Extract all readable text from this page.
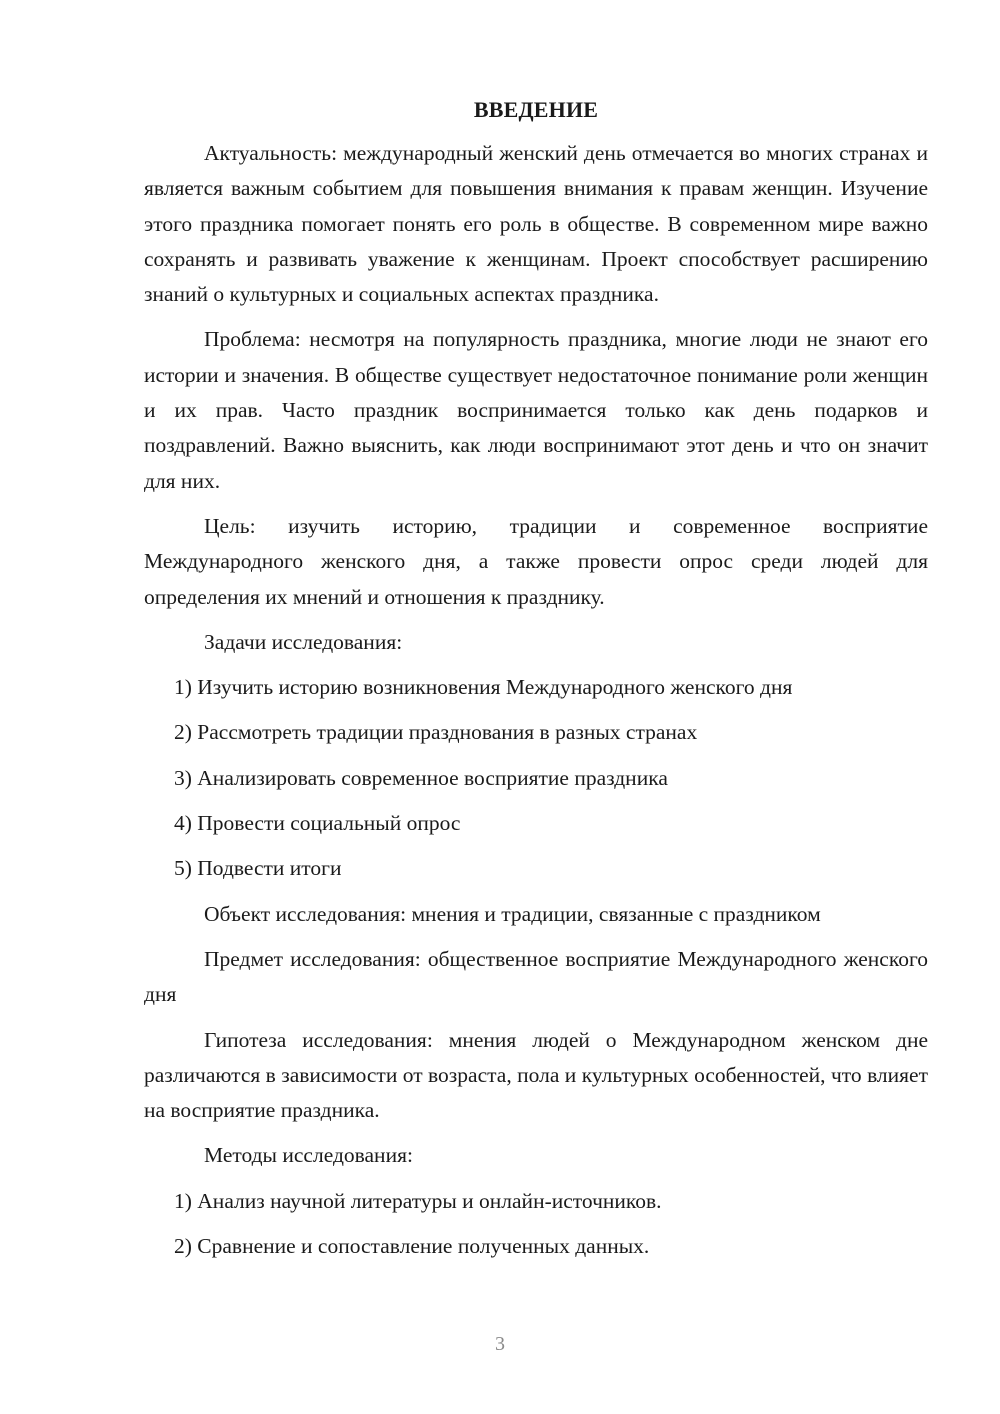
ВВЕДЕНИЕ

Актуальность: международный женский день отмечается во многих странах и является важным событием для повышения внимания к правам женщин. Изучение этого праздника помогает понять его роль в обществе. В современном мире важно сохранять и развивать уважение к женщинам. Проект способствует расширению знаний о культурных и социальных аспектах праздника.

Проблема: несмотря на популярность праздника, многие люди не знают его истории и значения. В обществе существует недостаточное понимание роли женщин и их прав. Часто праздник воспринимается только как день подарков и поздравлений. Важно выяснить, как люди воспринимают этот день и что он значит для них.

Цель: изучить историю, традиции и современное восприятие Международного женского дня, а также провести опрос среди людей для определения их мнений и отношения к празднику.

Задачи исследования:

1) Изучить историю возникновения Международного женского дня
2) Рассмотреть традиции празднования в разных странах
3) Анализировать современное восприятие праздника
4) Провести социальный опрос
5) Подвести итоги

Объект исследования: мнения и традиции, связанные с праздником

Предмет исследования: общественное восприятие Международного женского дня

Гипотеза исследования: мнения людей о Международном женском дне различаются в зависимости от возраста, пола и культурных особенностей, что влияет на восприятие праздника.

Методы исследования:

1) Анализ научной литературы и онлайн-источников.
2) Сравнение и сопоставление полученных данных.
3
